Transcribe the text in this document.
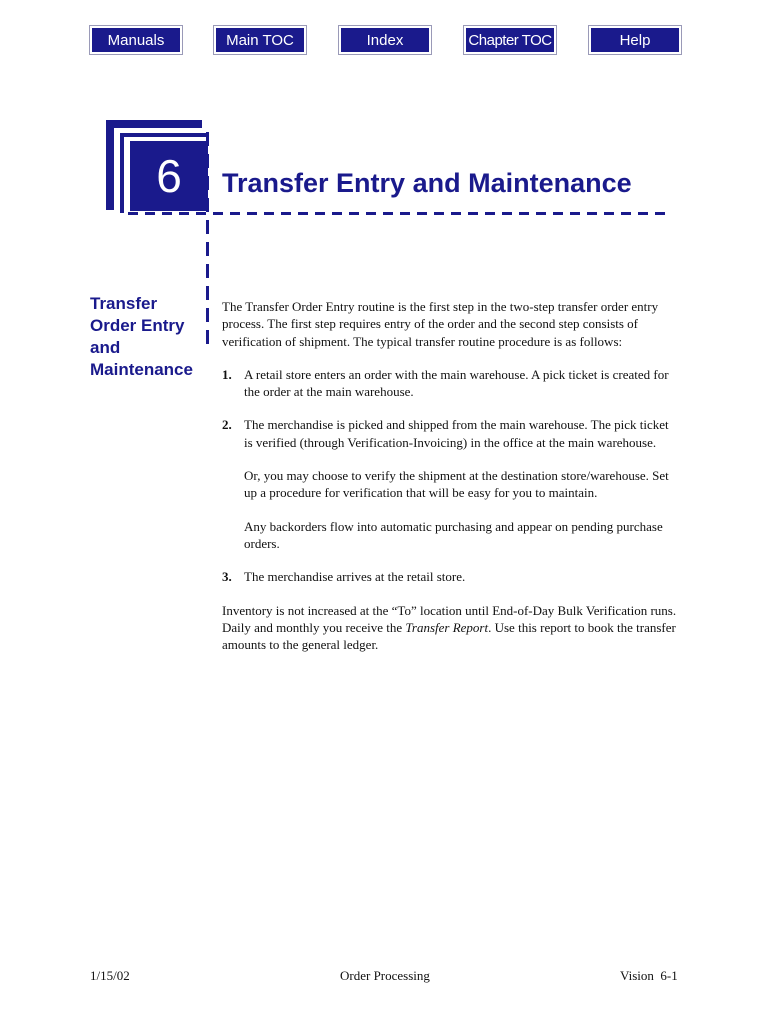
Manuals	Main TOC	Index	Chapter TOC	Help
6	Transfer Entry and Maintenance
Transfer
Order Entry
and
Maintenance

The Transfer Order Entry routine is the first step in the two-step transfer order entry process. The first step requires entry of the order and the second step consists of verification of shipment. The typical transfer routine procedure is as follows:

1. A retail store enters an order with the main warehouse. A pick ticket is created for the order at the main warehouse.

2. The merchandise is picked and shipped from the main warehouse. The pick ticket is verified (through Verification-Invoicing) in the office at the main warehouse.

Or, you may choose to verify the shipment at the destination store/warehouse. Set up a procedure for verification that will be easy for you to maintain.

Any backorders flow into automatic purchasing and appear on pending purchase orders.

3. The merchandise arrives at the retail store.

Inventory is not increased at the “To” location until End-of-Day Bulk Verification runs. Daily and monthly you receive the Transfer Report. Use this report to book the transfer amounts to the general ledger.

1/15/02	Order Processing	Vision  6-1
